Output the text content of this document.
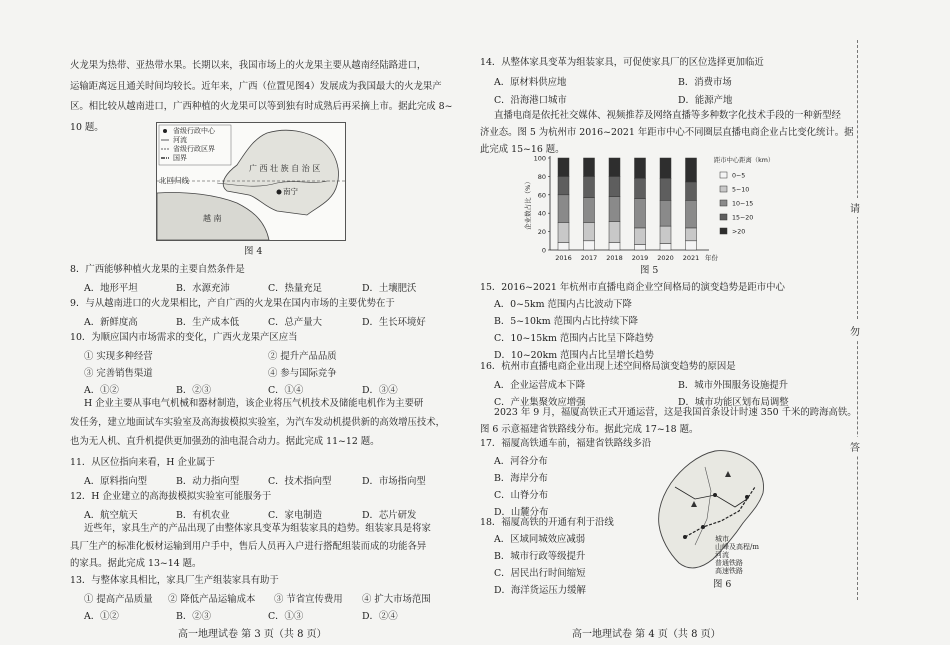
火龙果为热带、亚热带水果。长期以来，我国市场上的火龙果主要从越南经陆路进口，
运输距离远且通关时间均较长。近年来，广西（位置见图4）发展成为我国最大的火龙果产
区。相比较从越南进口，广西种植的火龙果可以等到独有时成熟后再采摘上市。据此完成 8~
10 题。	省级行政中心
河流
省级行政区界
国界
广 西 壮 族 自 治 区
北回归线
南宁
越 南
图 4
8．广西能够种植火龙果的主要自然条件是
A．地形平坦	B．水源充沛	C．热量充足	D．土壤肥沃
9．与从越南进口的火龙果相比，产自广西的火龙果在国内市场的主要优势在于
A．新鲜度高	B．生产成本低	C．总产量大	D．生长环境好
10．为顺应国内市场需求的变化，广西火龙果产区应当
① 实现多种经营	② 提升产品品质
③ 完善销售渠道	④ 参与国际竞争
A．①②	B．②③	C．①④	D．③④
H 企业主要从事电气机械和器材制造，该企业将压气机技术及储能电机作为主要研
发任务，建立地面试车实验室及高海拔模拟实验室，为汽车发动机提供新的高效增压技术，
也为无人机、直升机提供更加强劲的油电混合动力。据此完成 11~12 题。
11．从区位指向来看，H 企业属于
A．原料指向型	B．动力指向型	C．技术指向型	D．市场指向型
12．H 企业建立的高海拔模拟实验室可能服务于
A．航空航天	B．有机农业	C．家电制造	D．芯片研发
近些年，家具生产的产品出现了由整体家具变革为组装家具的趋势。组装家具是将家
具厂生产的标准化板材运输到用户手中，售后人员再入户进行搭配组装而成的功能各异
的家具。据此完成 13~14 题。
13．与整体家具相比，家具厂生产组装家具有助于
① 提高产品质量 ② 降低产品运输成本 ③ 节省宣传费用 ④ 扩大市场范围
A．①②	B．②③	C．①③	D．②④
高一地理试卷 第 3 页（共 8 页）
14．从整体家具变革为组装家具，可促使家具厂的区位选择更加临近
A．原材料供应地	B．消费市场
C．沿海港口城市	D．能源产地
直播电商是依托社交媒体、视频推荐及网络直播等多种数字化技术手段的一种新型经
济业态。图 5 为杭州市 2016~2021 年距市中心不同圈层直播电商企业占比变化统计。据
此完成 15~16 题。
0
20
40
60
80
100
企业数占比（%）
2016 2017 2018 2019 2020 2021 年份
距市中心距离（km）
0~5
5~10
10~15
15~20
>20
图 5
15．2016~2021 年杭州市直播电商企业空间格局的演变趋势是距市中心
A．0~5km 范围内占比波动下降
B．5~10km 范围内占比持续下降
C．10~15km 范围内占比呈下降趋势
D．10~20km 范围内占比呈增长趋势
16．杭州市直播电商企业出现上述空间格局演变趋势的原因是
A．企业运营成本下降	B．城市外围服务设施提升
C．产业集聚效应增强	D．城市功能区划布局调整
2023 年 9 月，福厦高铁正式开通运营，这是我国首条设计时速 350 千米的跨海高铁。
图 6 示意福建省铁路线分布。据此完成 17~18 题。
17．福厦高铁通车前，福建省铁路线多沿
A．河谷分布
B．海岸分布
C．山脊分布
D．山麓分布
18．福厦高铁的开通有利于沿线
A．区域同城效应减弱
B．城市行政等级提升
C．居民出行时间缩短
D．海洋货运压力缓解
城市
山峰及高程/m
河流
普通铁路
高速铁路
图 6
高一地理试卷 第 4 页（共 8 页）
请
勿
答
